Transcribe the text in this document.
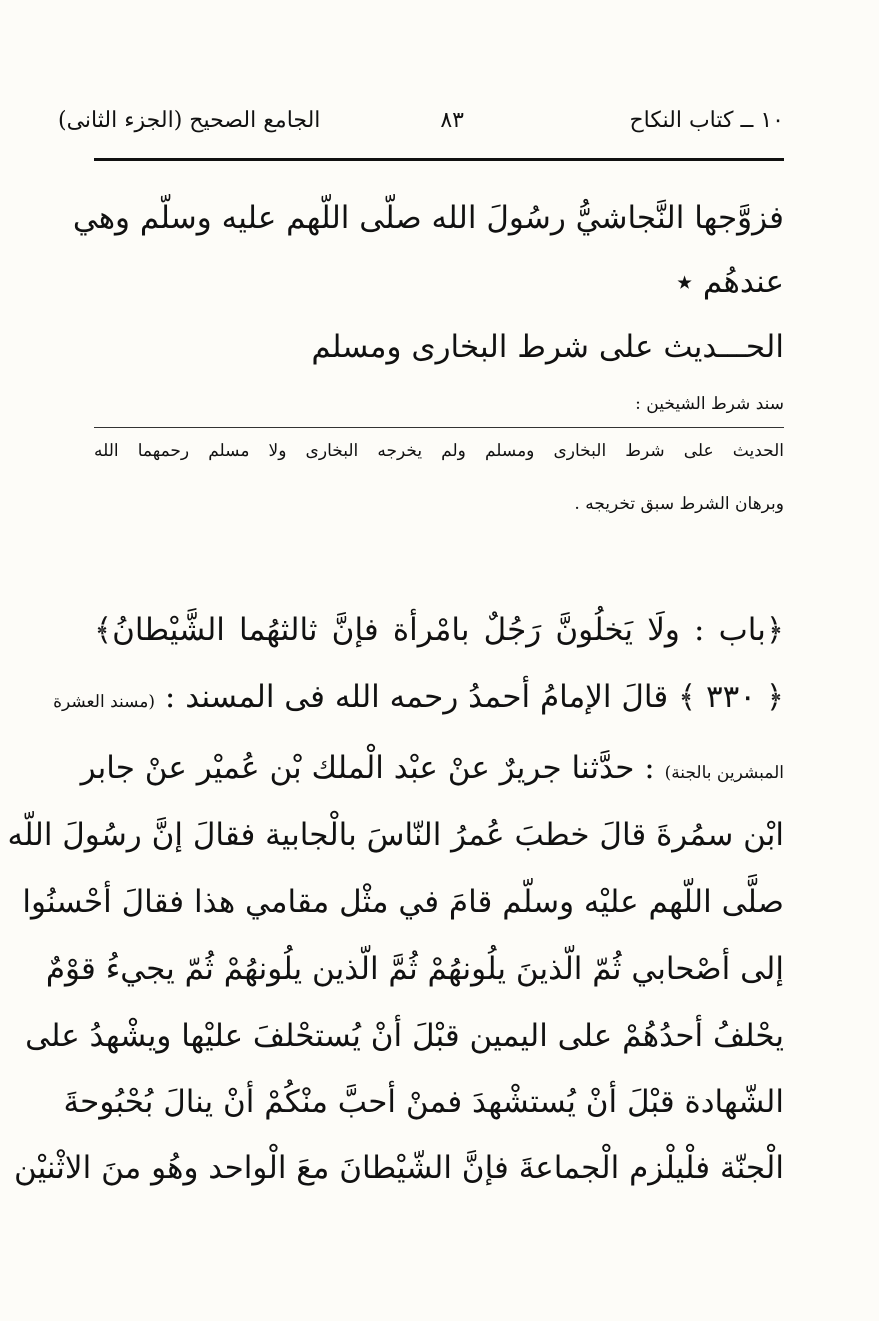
١٠ ــ كتاب النكاح
٨٣
الجامع الصحيح (الجزء الثانى)
فزوَّجها النَّجاشيُّ رسُولَ الله صلّى اللّهم عليه وسلّم وهي
عندهُم ٭
الحـــديث على شرط البخارى ومسلم
سند شرط الشيخين :
الحديث على شرط البخارى ومسلم ولم يخرجه البخارى ولا مسلم رحمهما الله
وبرهان الشرط سبق تخريجه .
﴿باب : ولَا يَخلُونَّ رَجُلٌ بامْرأة فإنَّ ثالثهُما الشَّيْطانُ﴾
﴿ ٣٣٠ ﴾ قالَ الإمامُ أحمدُ رحمه الله فى المسند : (مسند العشرة
المبشرين بالجنة) : حدَّثنا جريرٌ عنْ عبْد الْملك بْن عُميْر عنْ جابر
ابْن سمُرةَ قالَ خطبَ عُمرُ النّاسَ بالْجابية فقالَ إنَّ رسُولَ اللّه
صلَّى اللّهم عليْه وسلّم قامَ في مثْل مقامي هذا فقالَ أحْسنُوا
إلى أصْحابي ثُمّ الّذينَ يلُونهُمْ ثُمَّ الّذين يلُونهُمْ ثُمّ يجيءُ قوْمٌ
يحْلفُ أحدُهُمْ على اليمين قبْلَ أنْ يُستحْلفَ عليْها ويشْهدُ على
الشّهادة قبْلَ أنْ يُستشْهدَ فمنْ أحبَّ منْكُمْ أنْ ينالَ بُحْبُوحةَ
الْجنّة فلْيلْزم الْجماعةَ فإنَّ الشّيْطانَ معَ الْواحد وهُو منَ الاثْنيْن
